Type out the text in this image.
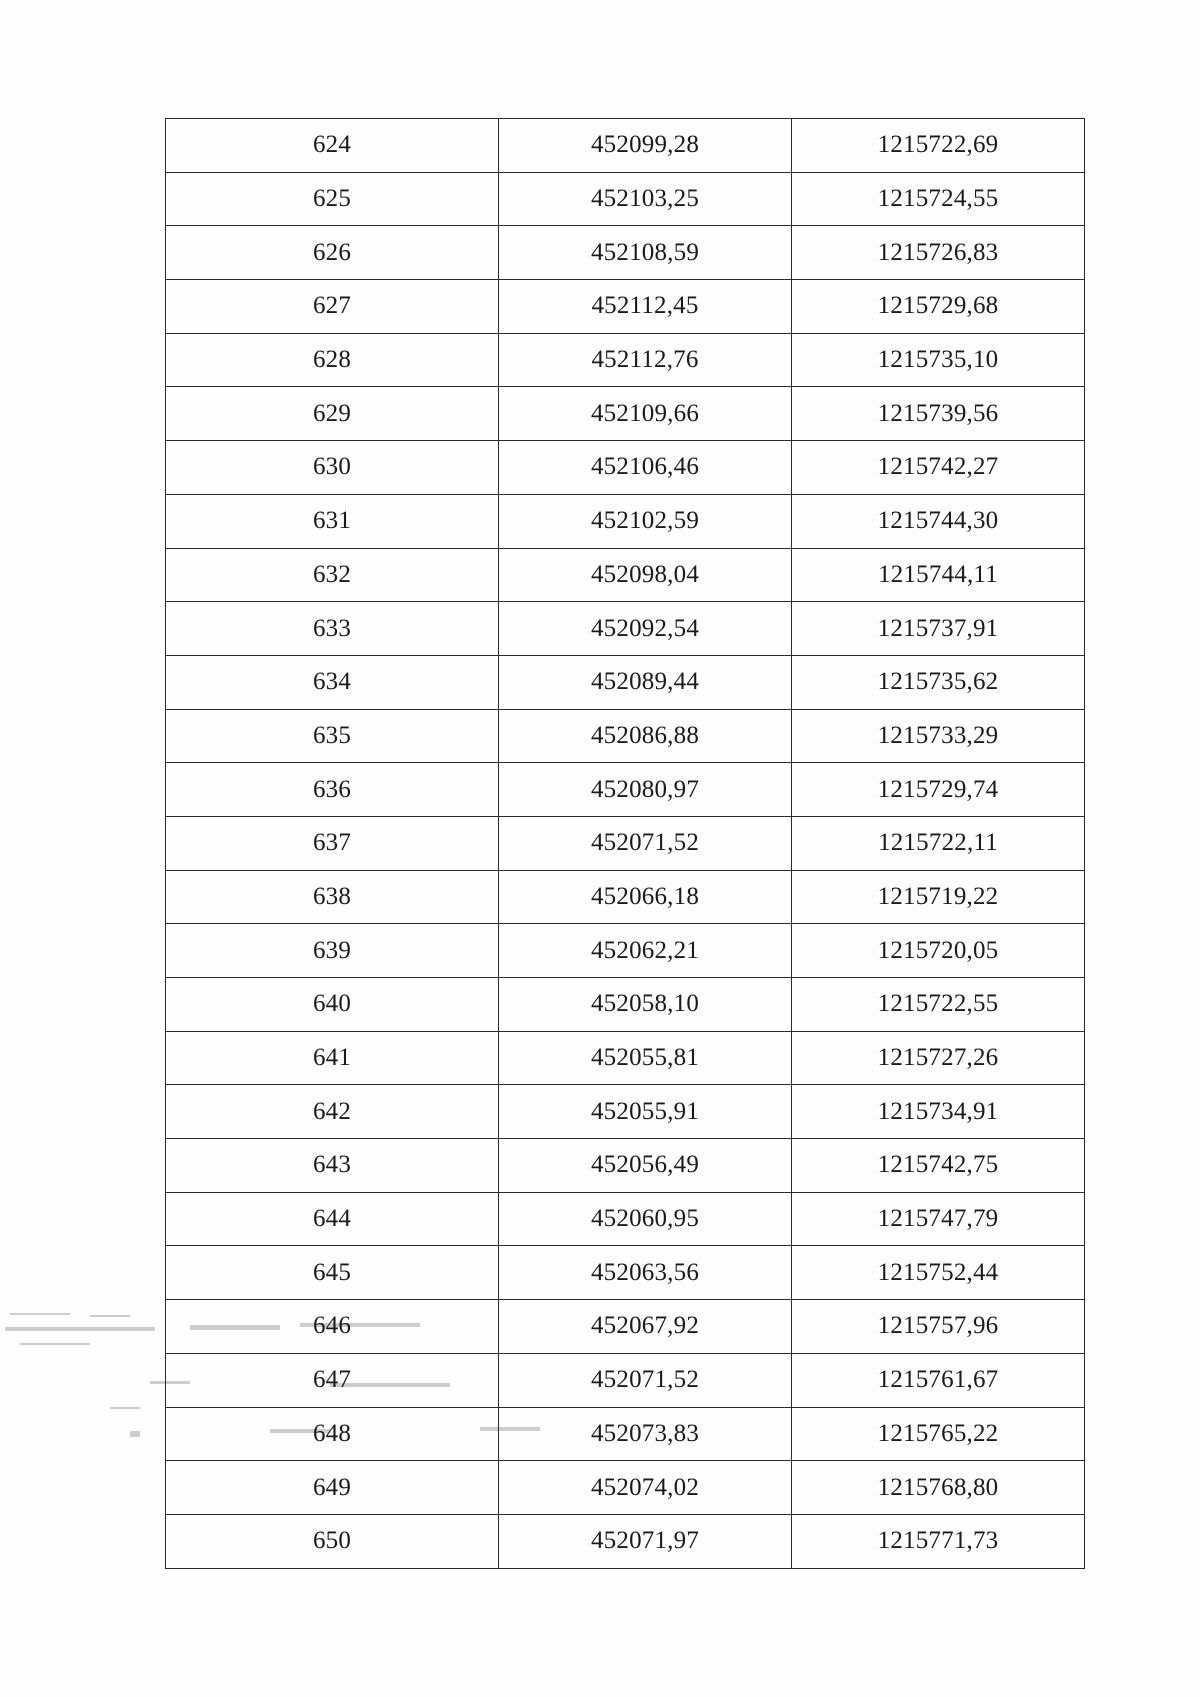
624	452099,28	1215722,69
625	452103,25	1215724,55
626	452108,59	1215726,83
627	452112,45	1215729,68
628	452112,76	1215735,10
629	452109,66	1215739,56
630	452106,46	1215742,27
631	452102,59	1215744,30
632	452098,04	1215744,11
633	452092,54	1215737,91
634	452089,44	1215735,62
635	452086,88	1215733,29
636	452080,97	1215729,74
637	452071,52	1215722,11
638	452066,18	1215719,22
639	452062,21	1215720,05
640	452058,10	1215722,55
641	452055,81	1215727,26
642	452055,91	1215734,91
643	452056,49	1215742,75
644	452060,95	1215747,79
645	452063,56	1215752,44
646	452067,92	1215757,96
647	452071,52	1215761,67
648	452073,83	1215765,22
649	452074,02	1215768,80
650	452071,97	1215771,73
